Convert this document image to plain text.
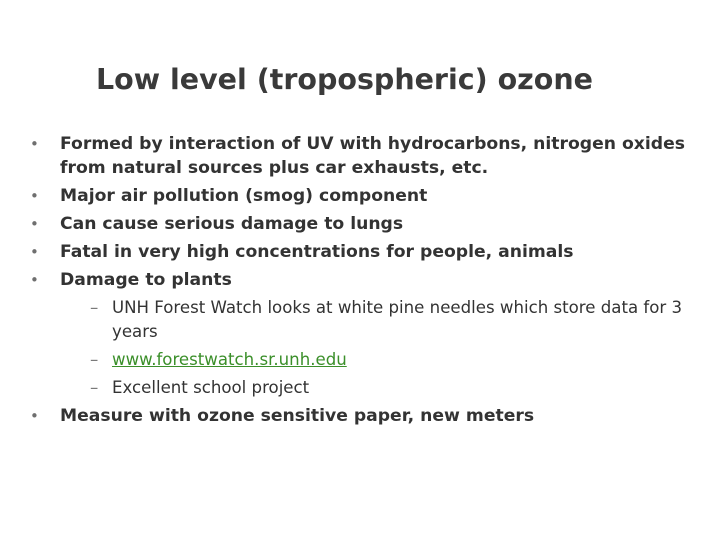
Low level (tropospheric) ozone
• Formed by interaction of UV with hydrocarbons, nitrogen oxides from natural sources plus car exhausts, etc.
• Major air pollution (smog) component
• Can cause serious damage to lungs
• Fatal in very high concentrations for people, animals
• Damage to plants
– UNH Forest Watch looks at white pine needles which store data for 3 years
– www.forestwatch.sr.unh.edu
– Excellent school project
• Measure with ozone sensitive paper, new meters
